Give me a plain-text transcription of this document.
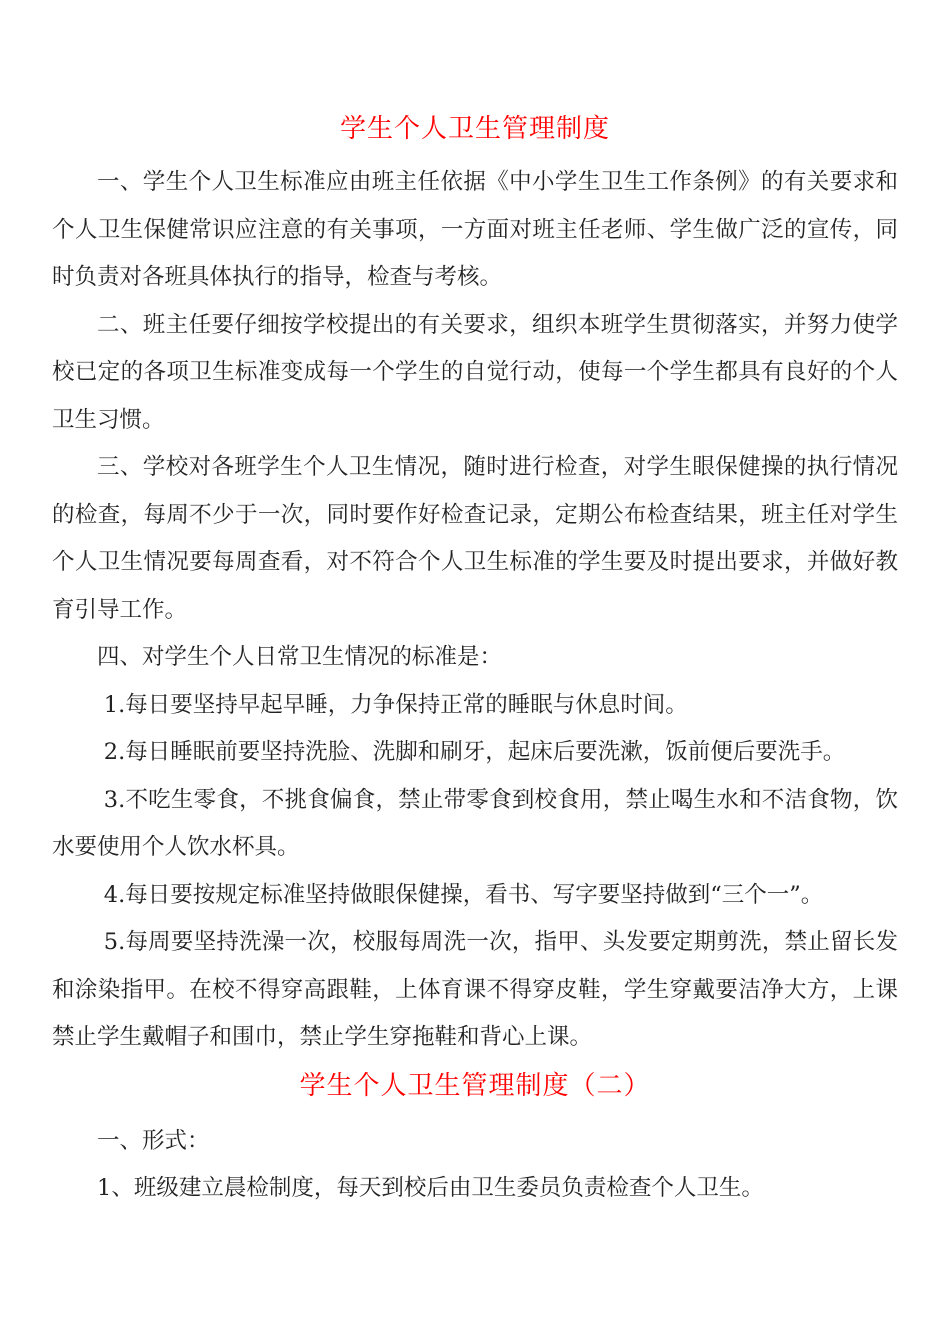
学生个人卫生管理制度

一、学生个人卫生标准应由班主任依据《中小学生卫生工作条例》的有关要求和个人卫生保健常识应注意的有关事项，一方面对班主任老师、学生做广泛的宣传，同时负责对各班具体执行的指导，检查与考核。

二、班主任要仔细按学校提出的有关要求，组织本班学生贯彻落实，并努力使学校已定的各项卫生标准变成每一个学生的自觉行动，使每一个学生都具有良好的个人卫生习惯。

三、学校对各班学生个人卫生情况，随时进行检查，对学生眼保健操的执行情况的检查，每周不少于一次，同时要作好检查记录，定期公布检查结果，班主任对学生个人卫生情况要每周查看，对不符合个人卫生标准的学生要及时提出要求，并做好教育引导工作。

四、对学生个人日常卫生情况的标准是：

1.每日要坚持早起早睡，力争保持正常的睡眠与休息时间。

2.每日睡眠前要坚持洗脸、洗脚和刷牙，起床后要洗漱，饭前便后要洗手。

3.不吃生零食，不挑食偏食，禁止带零食到校食用，禁止喝生水和不洁食物，饮水要使用个人饮水杯具。

4.每日要按规定标准坚持做眼保健操，看书、写字要坚持做到“三个一”。

5.每周要坚持洗澡一次，校服每周洗一次，指甲、头发要定期剪洗，禁止留长发和涂染指甲。在校不得穿高跟鞋，上体育课不得穿皮鞋，学生穿戴要洁净大方，上课禁止学生戴帽子和围巾，禁止学生穿拖鞋和背心上课。

学生个人卫生管理制度（二）

一、形式：

1、班级建立晨检制度，每天到校后由卫生委员负责检查个人卫生。
